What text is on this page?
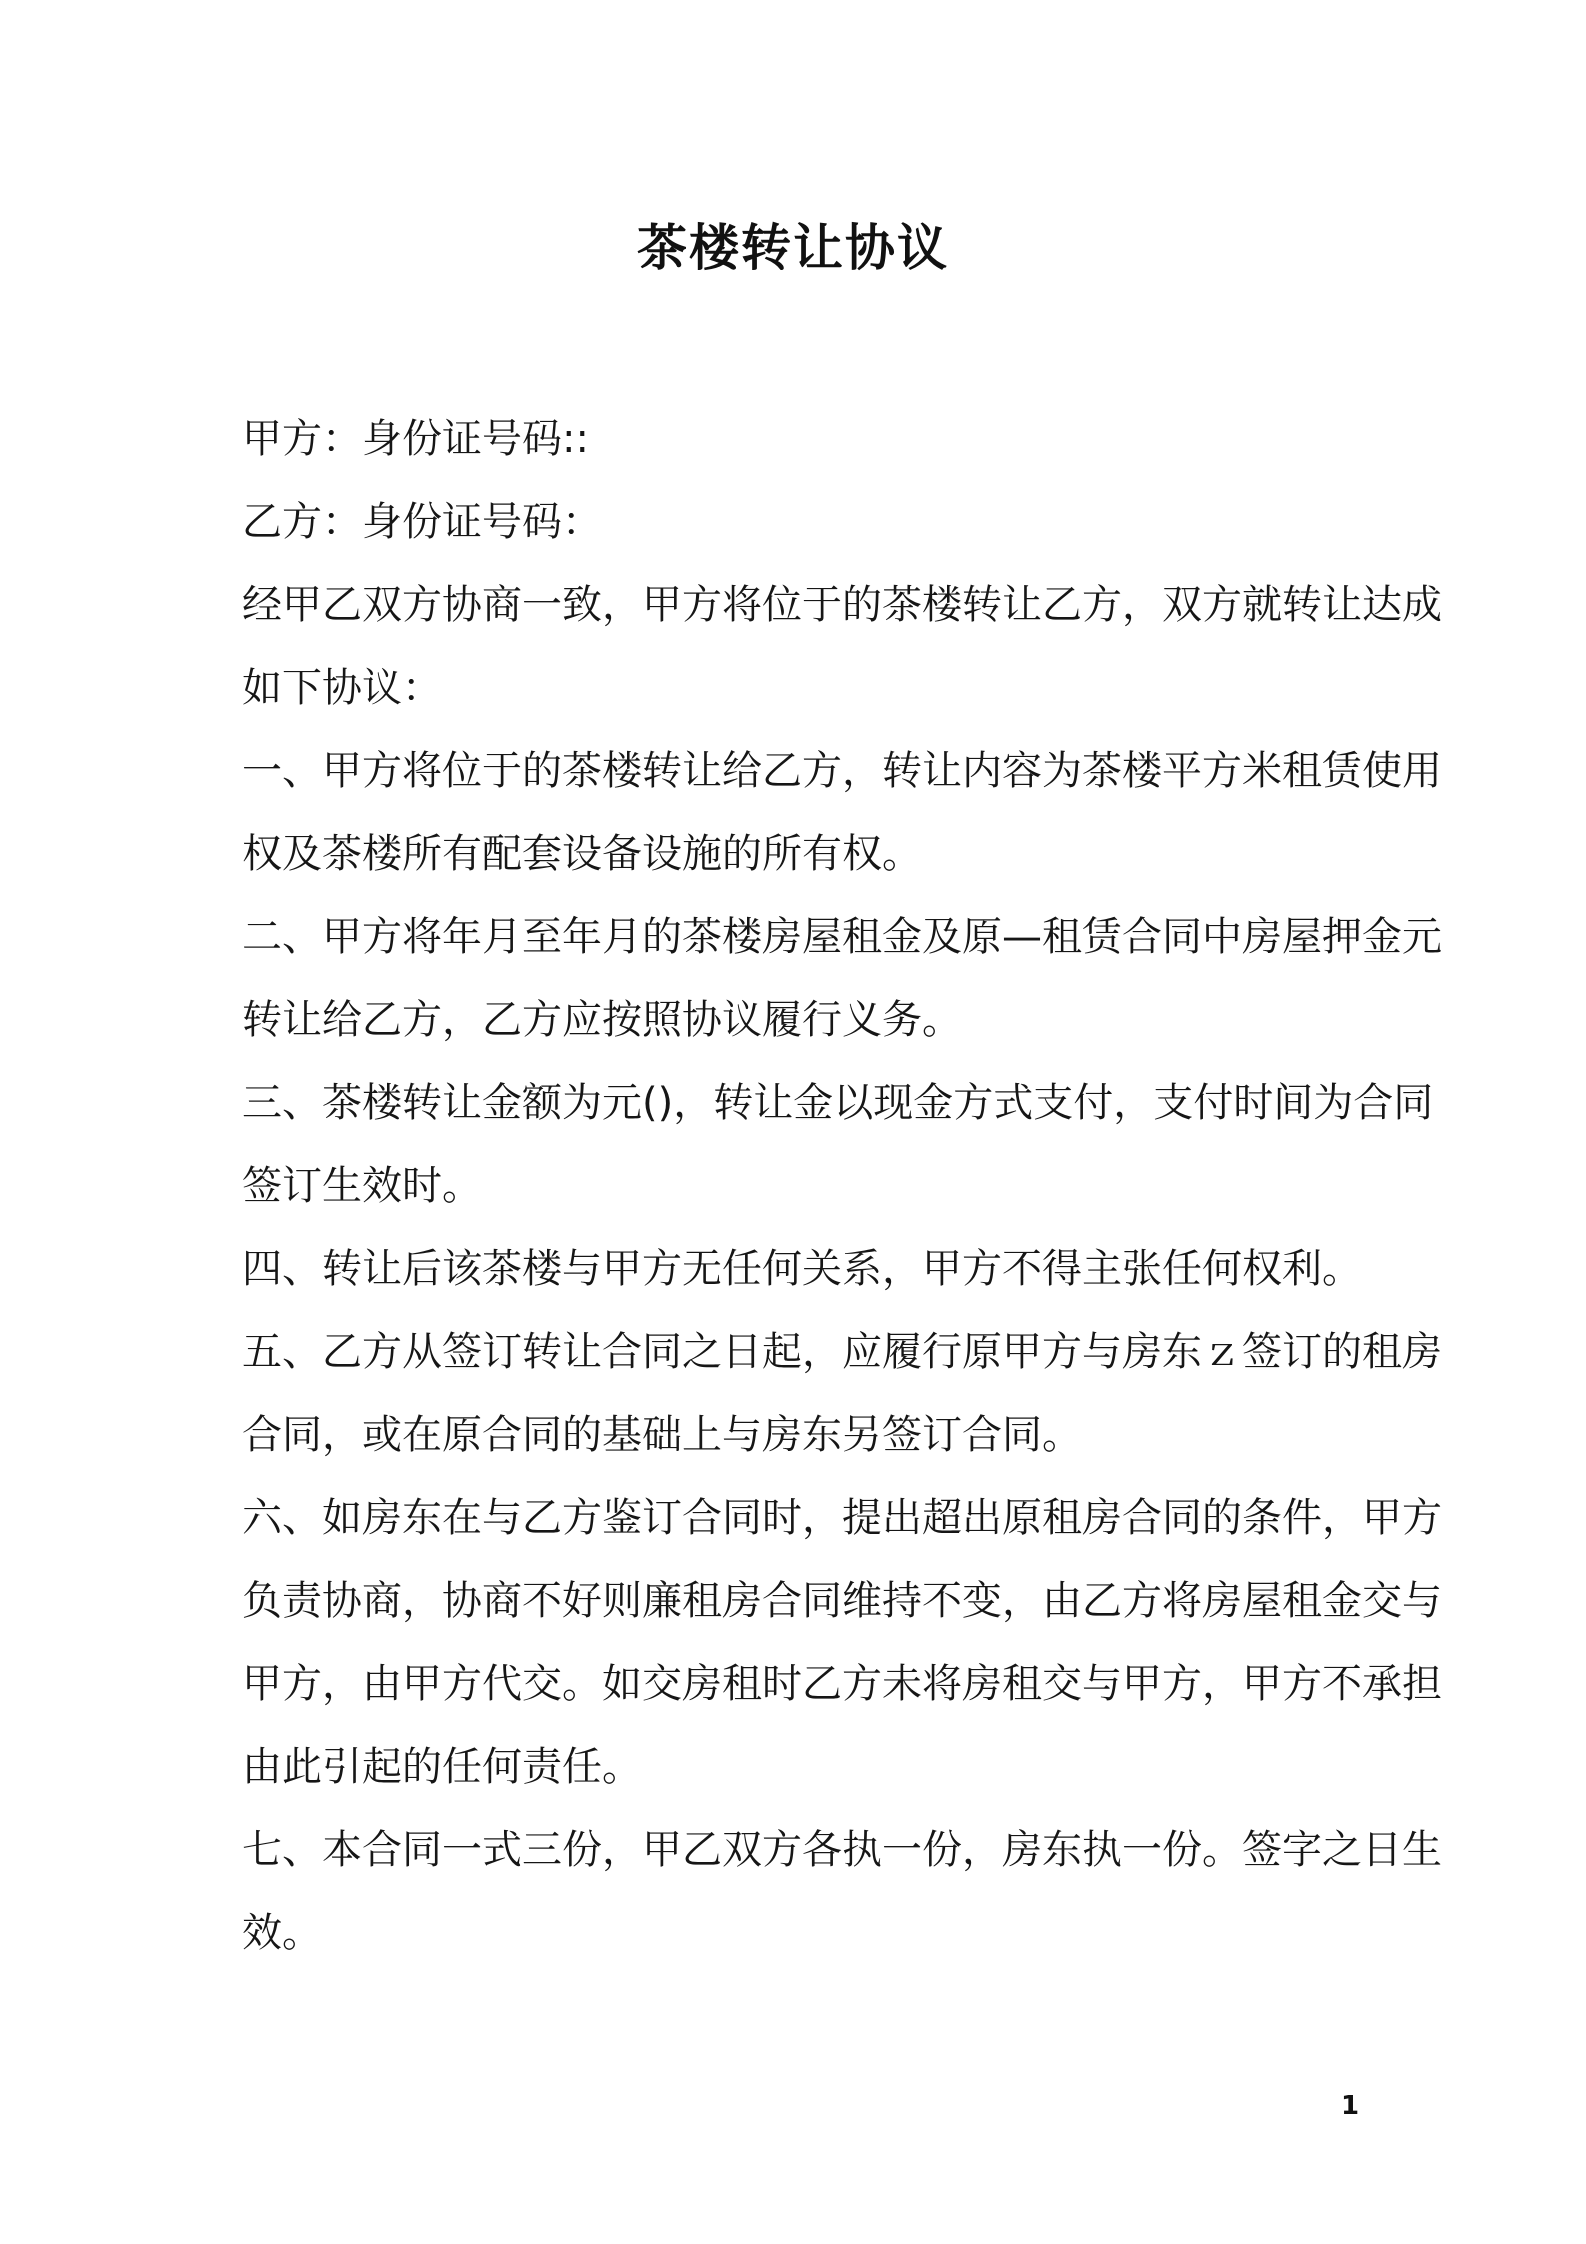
茶楼转让协议
甲方：身份证号码::
乙方：身份证号码：
经甲乙双方协商一致，甲方将位于的茶楼转让乙方，双方就转让达成
如下协议：
一、甲方将位于的茶楼转让给乙方，转让内容为茶楼平方米租赁使用
权及茶楼所有配套设备设施的所有权。
二、甲方将年月至年月的茶楼房屋租金及原—租赁合同中房屋押金元
转让给乙方，乙方应按照协议履行义务。
三、茶楼转让金额为元()，转让金以现金方式支付，支付时间为合同
签订生效时。
四、转让后该茶楼与甲方无任何关系，甲方不得主张任何权利。
五、乙方从签订转让合同之日起，应履行原甲方与房东ｚ签订的租房
合同，或在原合同的基础上与房东另签订合同。
六、如房东在与乙方鉴订合同时，提出超出原租房合同的条件，甲方
负责协商，协商不好则廉租房合同维持不变，由乙方将房屋租金交与
甲方，由甲方代交。如交房租时乙方未将房租交与甲方，甲方不承担
由此引起的任何责任。
七、本合同一式三份，甲乙双方各执一份，房东执一份。签字之日生
效。
1
